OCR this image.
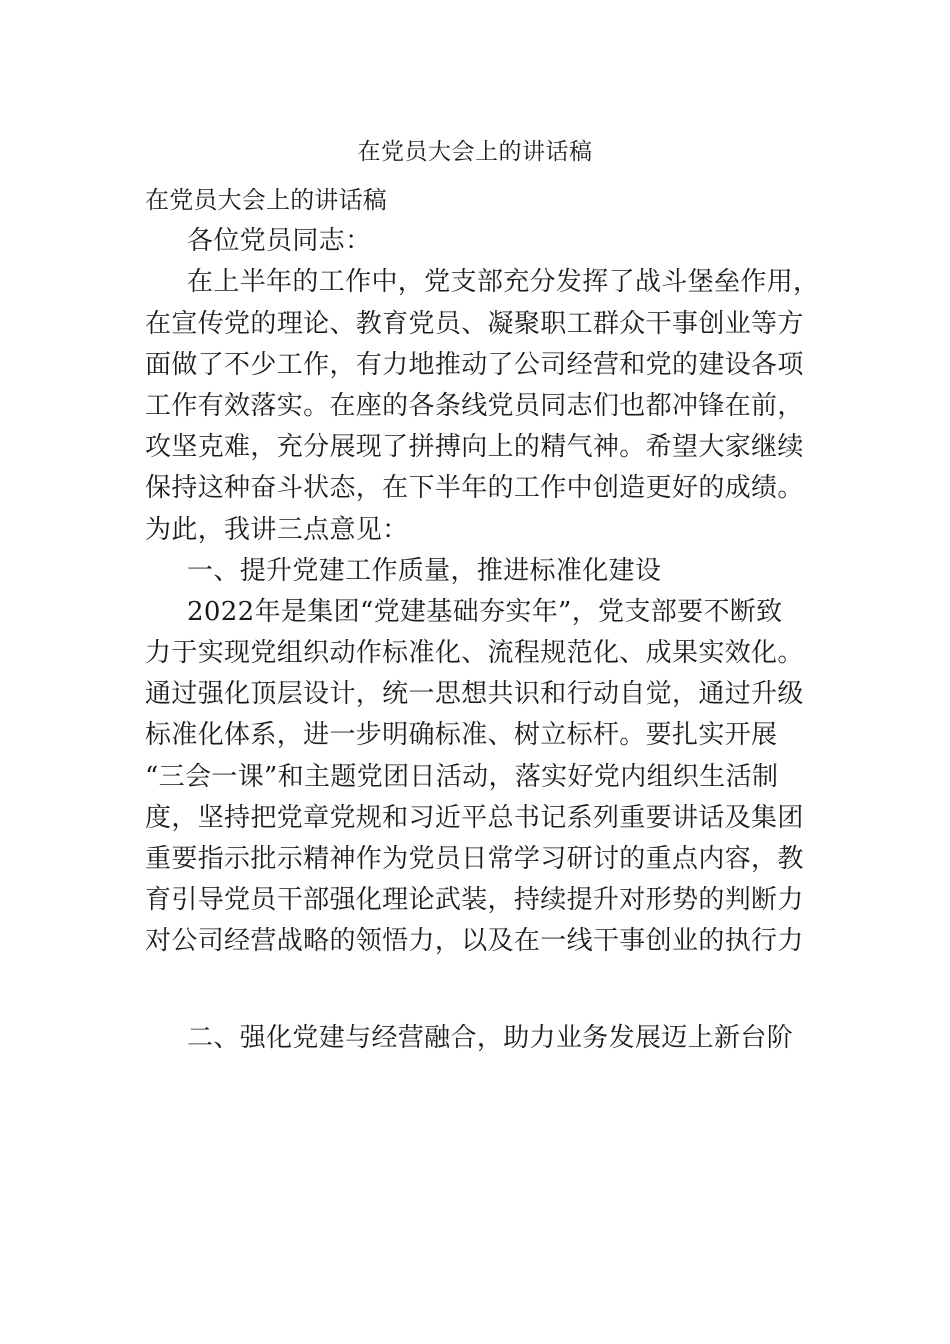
在党员大会上的讲话稿
在党员大会上的讲话稿
各位党员同志：
在上半年的工作中，党支部充分发挥了战斗堡垒作用，
在宣传党的理论、教育党员、凝聚职工群众干事创业等方
面做了不少工作，有力地推动了公司经营和党的建设各项
工作有效落实。在座的各条线党员同志们也都冲锋在前，
攻坚克难，充分展现了拼搏向上的精气神。希望大家继续
保持这种奋斗状态，在下半年的工作中创造更好的成绩。
为此，我讲三点意见：
一、提升党建工作质量，推进标准化建设
2022年是集团“党建基础夯实年”，党支部要不断致
力于实现党组织动作标准化、流程规范化、成果实效化。
通过强化顶层设计，统一思想共识和行动自觉，通过升级
标准化体系，进一步明确标准、树立标杆。要扎实开展
“三会一课”和主题党团日活动，落实好党内组织生活制
度，坚持把党章党规和习近平总书记系列重要讲话及集团
重要指示批示精神作为党员日常学习研讨的重点内容，教
育引导党员干部强化理论武装，持续提升对形势的判断力
对公司经营战略的领悟力，以及在一线干事创业的执行力
二、强化党建与经营融合，助力业务发展迈上新台阶
